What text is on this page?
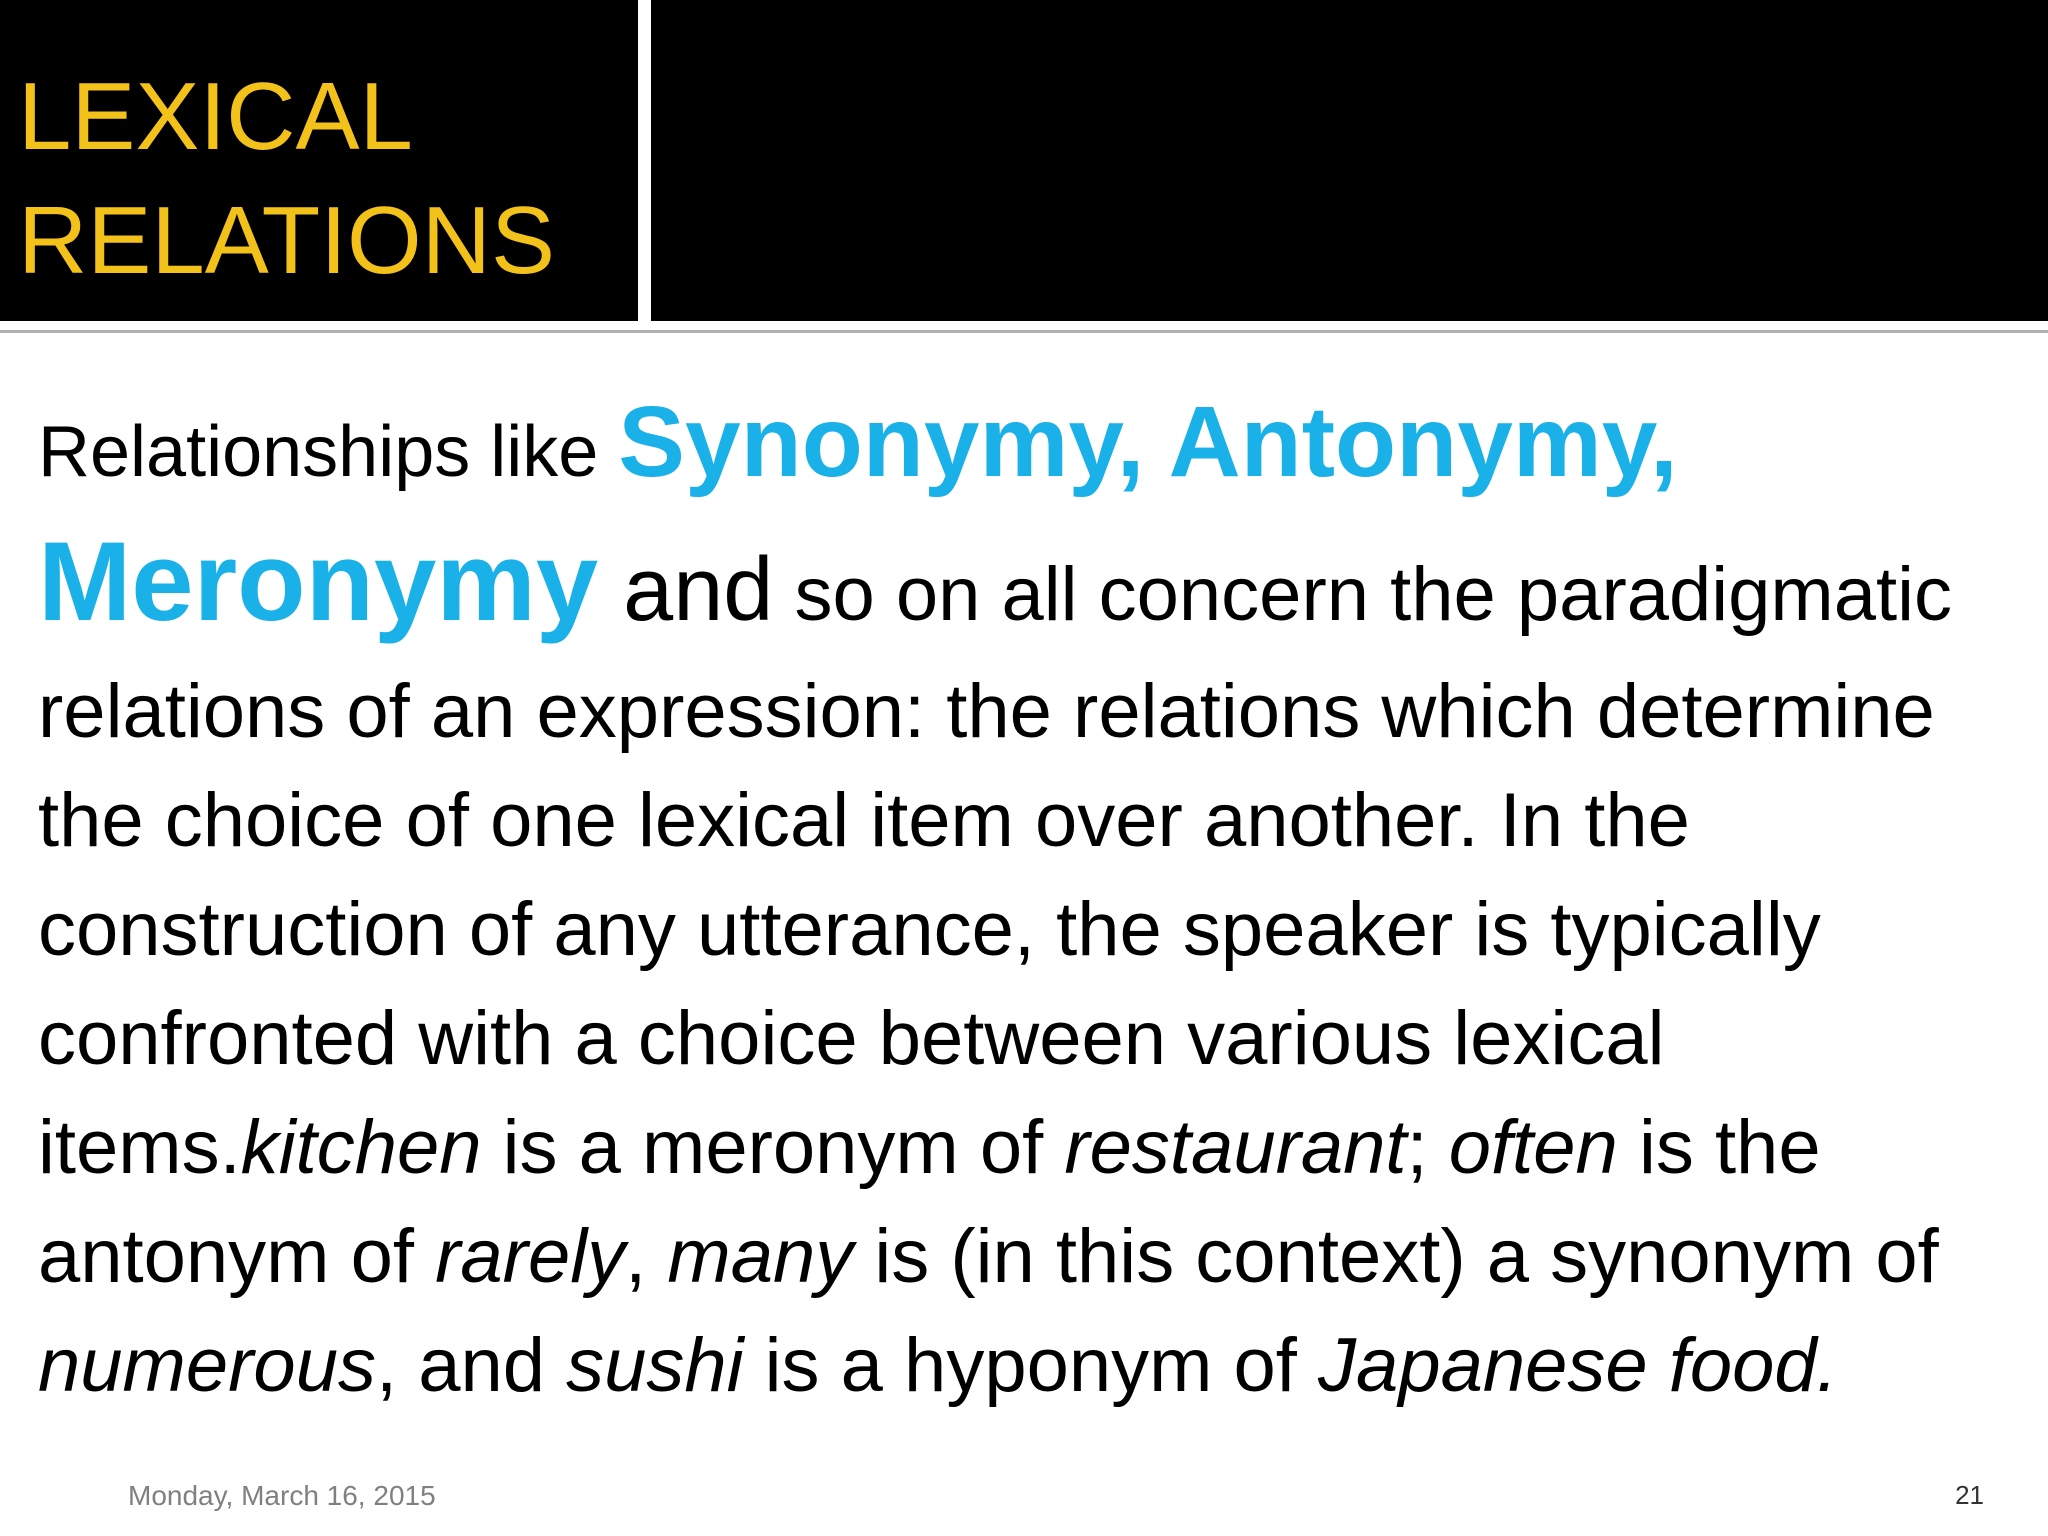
LEXICAL
RELATIONS

Relationships like Synonymy, Antonymy,
Meronymy and so on all concern the paradigmatic relations of an expression: the relations which determine the choice of one lexical item over another. In the construction of any utterance, the speaker is typically confronted with a choice between various lexical items.kitchen is a meronym of restaurant; often is the antonym of rarely, many is (in this context) a synonym of numerous, and sushi is a hyponym of Japanese food.

Monday, March 16, 2015	21
